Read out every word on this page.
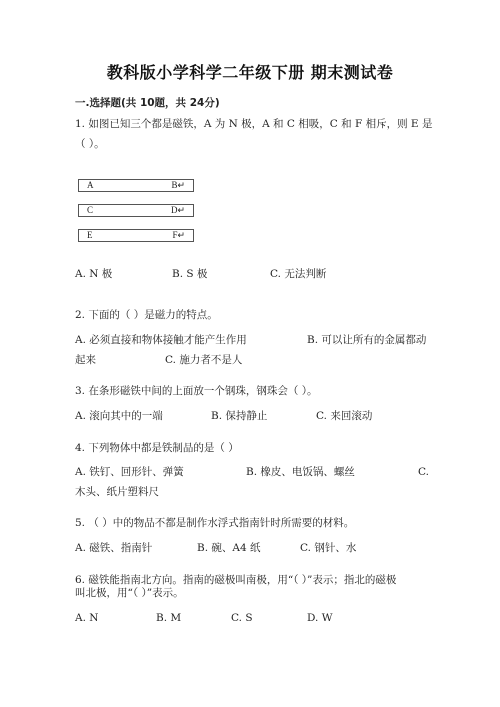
教科版小学科学二年级下册 期末测试卷
一.选择题(共 10题，共 24分)
1. 如图已知三个都是磁铁，A 为 N 极，A 和 C 相吸，C 和 F 相斥，则 E 是
（ ）。
A	B↵
C	D↵
E	F↵
A. N 极	B. S 极	C. 无法判断
2. 下面的（ ）是磁力的特点。
A. 必须直接和物体接触才能产生作用	B. 可以让所有的金属都动
起来	C. 施力者不是人
3. 在条形磁铁中间的上面放一个钢珠，钢珠会（ ）。
A. 滚向其中的一端	B. 保持静止	C. 来回滚动
4. 下列物体中都是铁制品的是（ ）
A. 铁钉、回形针、弹簧	B. 橡皮、电饭锅、螺丝	C.
木头、纸片塑料尺
5. （ ）中的物品不都是制作水浮式指南针时所需要的材料。
A. 磁铁、指南针	B. 碗、A4 纸	C. 钢针、水
6. 磁铁能指南北方向。指南的磁极叫南极，用“（ ）”表示；指北的磁极
叫北极，用“（ ）”表示。
A. N	B. M	C. S	D. W
